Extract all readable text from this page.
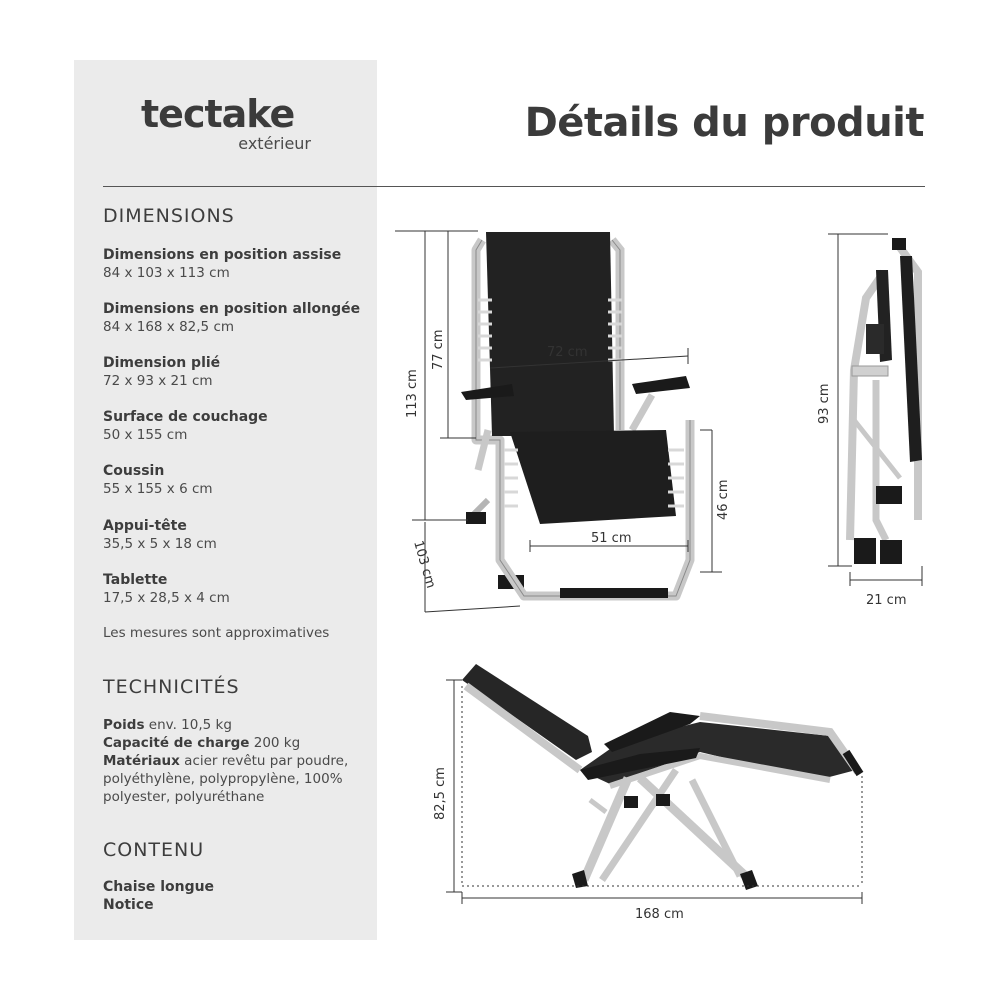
tectake
extérieur	Détails du produit
DIMENSIONS
Dimensions en position assise
84 x 103 x 113 cm
Dimensions en position allongée
84 x 168 x 82,5 cm
Dimension plié
72 x 93 x 21 cm
Surface de couchage
50 x 155 cm
Coussin
55 x 155 x 6 cm
Appui-tête
35,5 x 5 x 18 cm
Tablette
17,5 x 28,5 x 4 cm
Les mesures sont approximatives
TECHNICITÉS
Poids env. 10,5 kg
Capacité de charge 200 kg
Matériaux acier revêtu par poudre, polyéthylène, polypropylène, 100% polyester, polyuréthane
CONTENU
Chaise longue
Notice
113 cm
77 cm	72 cm
46 cm
51 cm
103 cm
93 cm
21 cm
82,5 cm
168 cm
